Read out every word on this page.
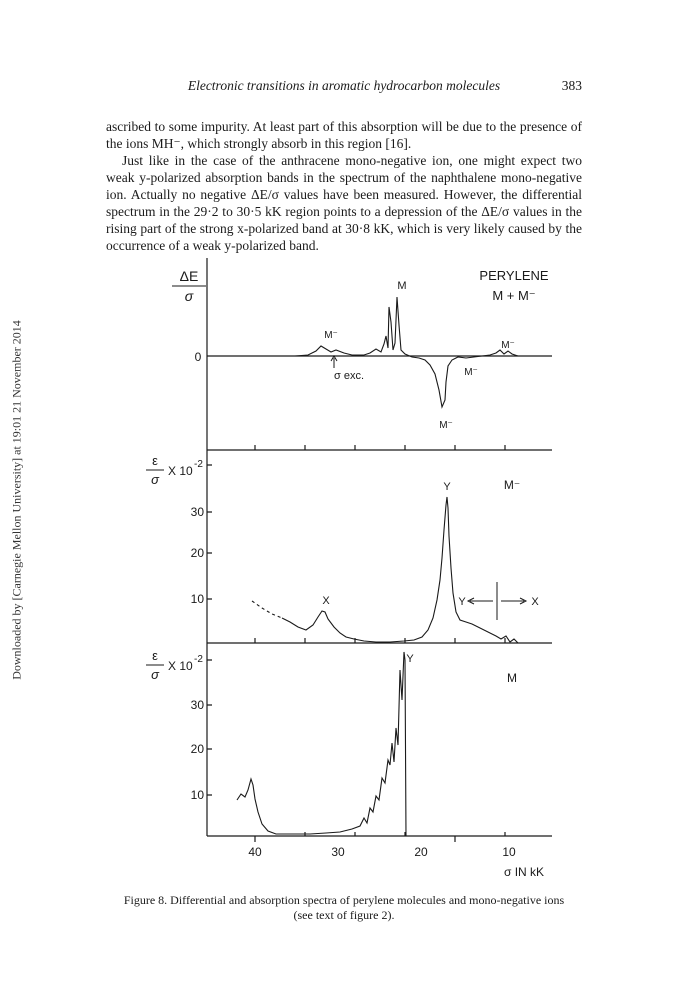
Downloaded by [Carnegie Mellon University] at 19:01 21 November 2014
Electronic transitions in aromatic hydrocarbon molecules	383

ascribed to some impurity. At least part of this absorption will be due to the presence of the ions MH⁻, which strongly absorb in this region [16].

Just like in the case of the anthracene mono-negative ion, one might expect two weak y-polarized absorption bands in the spectrum of the naphthalene mono-negative ion. Actually no negative ΔE/σ values have been measured. However, the differential spectrum in the 29·2 to 30·5 kK region points to a depression of the ΔE/σ values in the rising part of the strong x-polarized band at 30·8 kK, which is very likely caused by the occurrence of a weak y-polarized band.

ΔE
σ
0
PERYLENE
M + M⁻
M
M⁻
σ exc.
M⁻
M⁻
M⁻
ε
σ
X 10 -2
30
20
10
M⁻
X
Y
Y	X
ε
σ
X 10 -2
30
20
10
M
Y
40	30	20	10
σ IN kK
Figure 8. Differential and absorption spectra of perylene molecules and mono-negative ions
(see text of figure 2).
